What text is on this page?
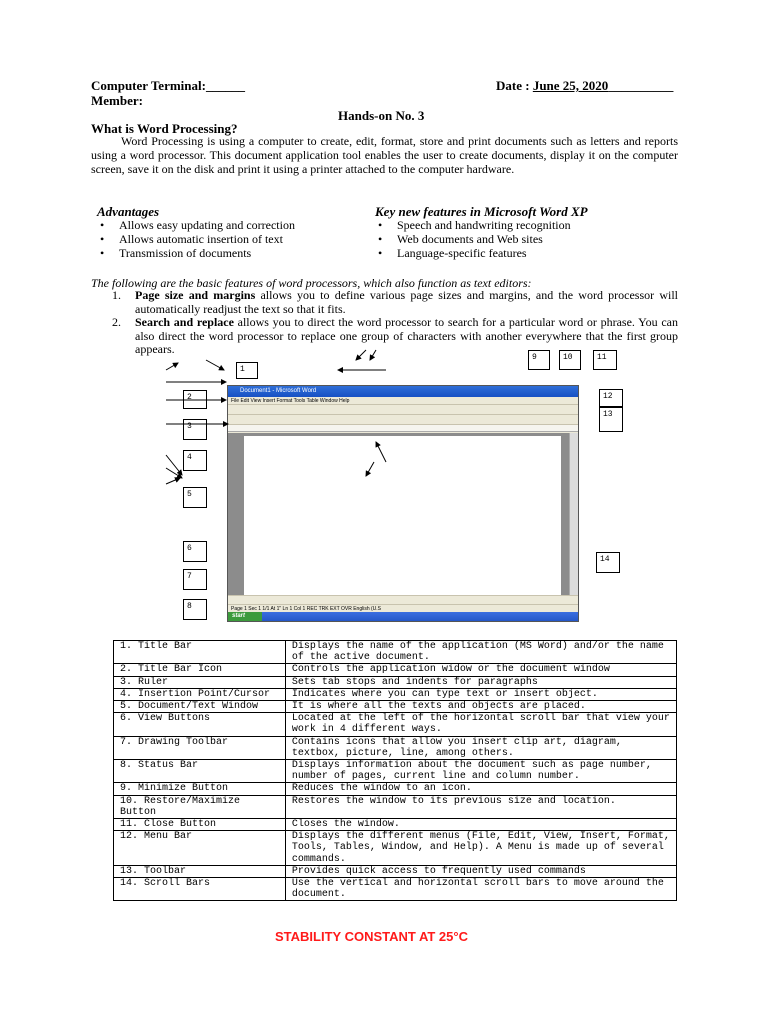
Computer Terminal:______
Member:
Date : June 25, 2020__________
Hands-on No. 3
What is Word Processing?
Word Processing is using a computer to create, edit, format, store and print documents such as letters and reports using a word processor. This document application tool enables the user to create documents, display it on the computer screen, save it on the disk and print it using a printer attached to the computer hardware.
Advantages
• Allows easy updating and correction
• Allows automatic insertion of text
• Transmission of documents
Key new features in Microsoft Word XP
• Speech and handwriting recognition
• Web documents and Web sites
• Language-specific features
The following are the basic features of word processors, which also function as text editors:
1.	Page size and margins allows you to define various page sizes and margins, and the word processor will automatically readjust the text so that it fits.
2.	Search and replace allows you to direct the word processor to search for a particular word or phrase. You can also direct the word processor to replace one group of characters with another everywhere that the first group appears.
Document1 - Microsoft Word
File Edit View Insert Format Tools Table Window Help
Page 1 Sec 1 1/1 At 1" Ln 1 Col 1 REC TRK EXT OVR English (U.S
start
1
2
3
4
5
6
7
8
9	10	11
12
13
14
1. Title Bar	Displays the name of the application (MS Word) and/or the name of the active document.
2. Title Bar Icon	Controls the application widow or the document window
3. Ruler	Sets tab stops and indents for paragraphs
4. Insertion Point/Cursor	Indicates where you can type text or insert object.
5. Document/Text Window	It is where all the texts and objects are placed.
6. View Buttons	Located at the left of the horizontal scroll bar that view your work in 4 different ways.
7. Drawing Toolbar	Contains icons that allow you insert clip art, diagram, textbox, picture, line, among others.
8. Status Bar	Displays information about the document such as page number, number of pages, current line and column number.
9. Minimize Button	Reduces the window to an icon.
10. Restore/Maximize Button	Restores the window to its previous size and location.
11. Close Button	Closes the window.
12. Menu Bar	Displays the different menus (File, Edit, View, Insert, Format, Tools, Tables, Window, and Help). A Menu is made up of several commands.
13. Toolbar	Provides quick access to frequently used commands
14. Scroll Bars	Use the vertical and horizontal scroll bars to move around the document.
STABILITY CONSTANT AT 25°C
